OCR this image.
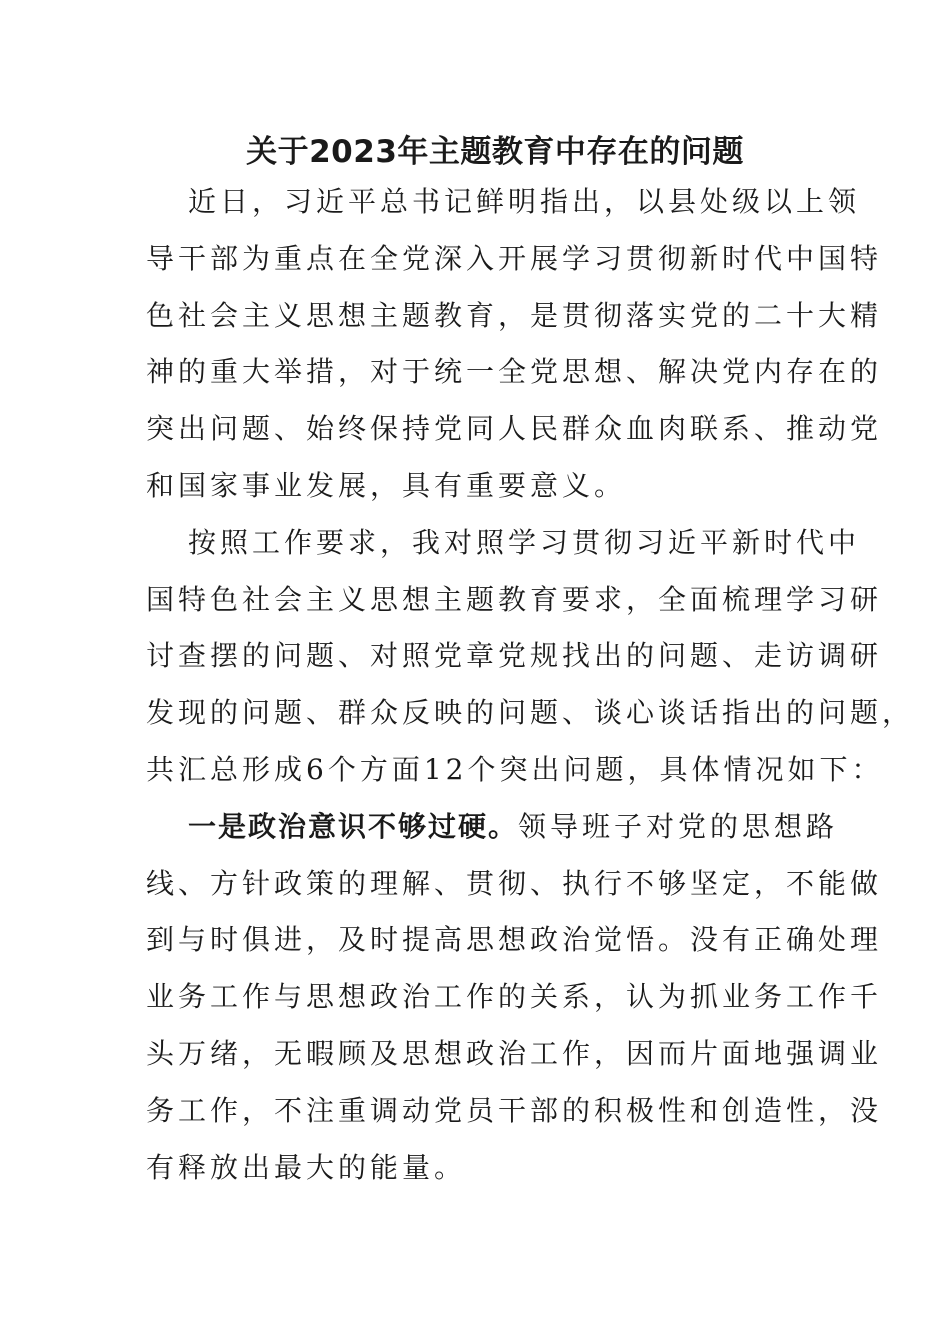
关于2023年主题教育中存在的问题
近日，习近平总书记鲜明指出，以县处级以上领
导干部为重点在全党深入开展学习贯彻新时代中国特
色社会主义思想主题教育，是贯彻落实党的二十大精
神的重大举措，对于统一全党思想、解决党内存在的
突出问题、始终保持党同人民群众血肉联系、推动党
和国家事业发展，具有重要意义。
按照工作要求，我对照学习贯彻习近平新时代中
国特色社会主义思想主题教育要求，全面梳理学习研
讨查摆的问题、对照党章党规找出的问题、走访调研
发现的问题、群众反映的问题、谈心谈话指出的问题，
共汇总形成6个方面12个突出问题，具体情况如下：
一是政治意识不够过硬。领导班子对党的思想路
线、方针政策的理解、贯彻、执行不够坚定，不能做
到与时俱进，及时提高思想政治觉悟。没有正确处理
业务工作与思想政治工作的关系，认为抓业务工作千
头万绪，无暇顾及思想政治工作，因而片面地强调业
务工作，不注重调动党员干部的积极性和创造性，没
有释放出最大的能量。
